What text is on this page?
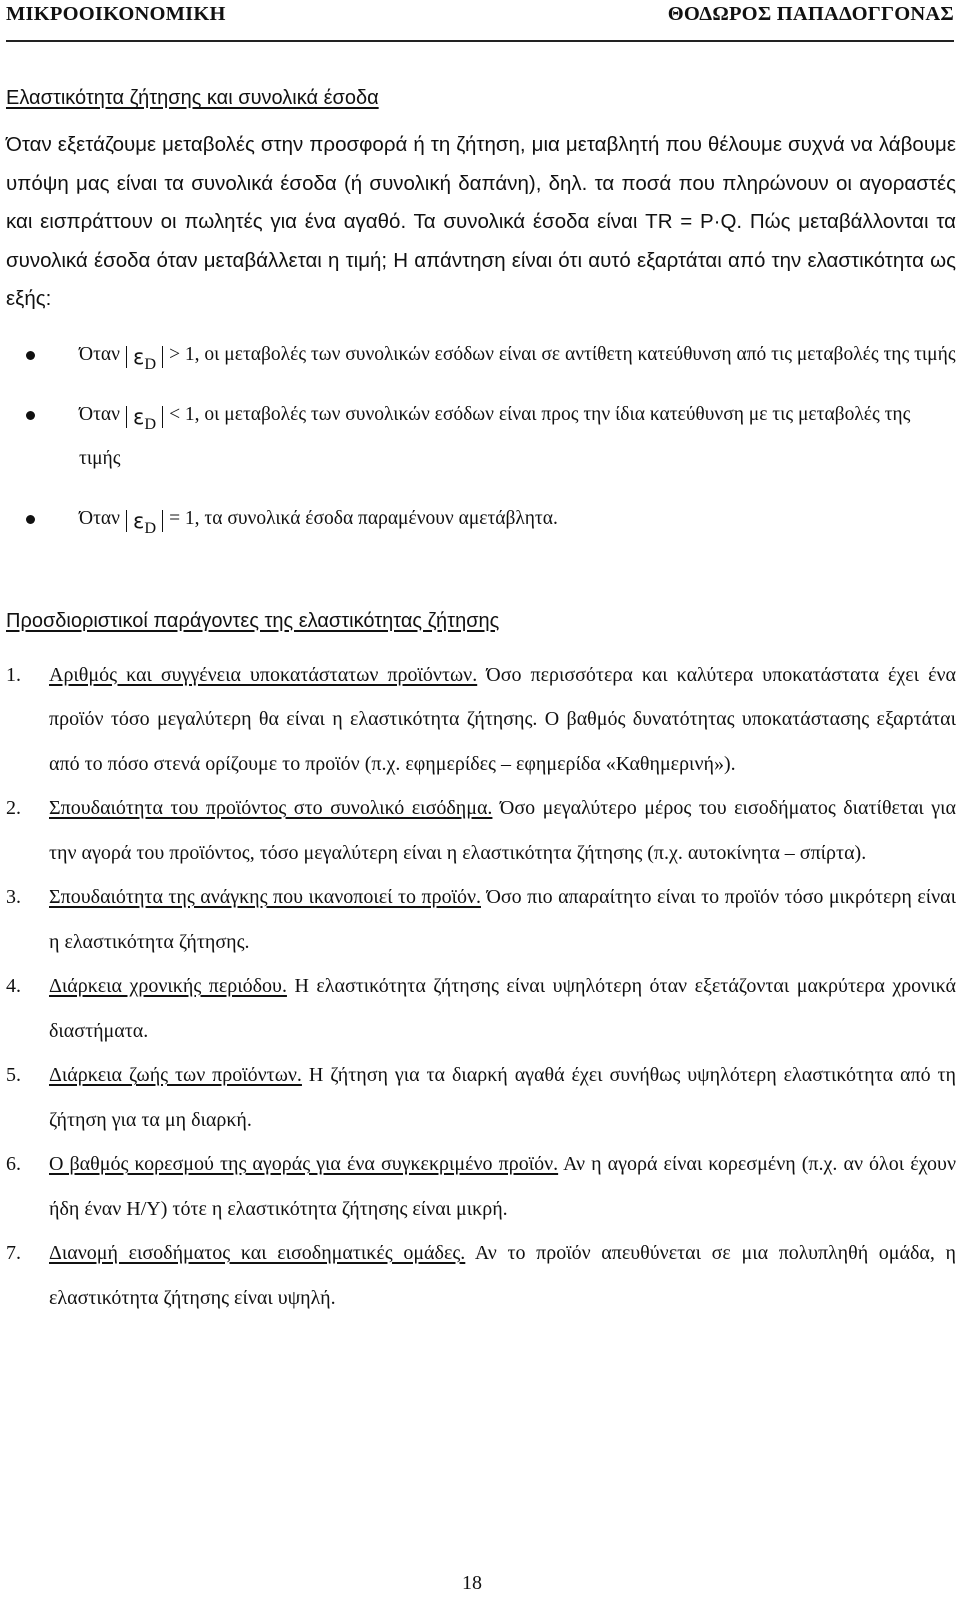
ΜΙΚΡΟΟΙΚΟΝΟΜΙΚΗ	ΘΟΔΩΡΟΣ ΠΑΠΑΔΟΓΓΟΝΑΣ

Ελαστικότητα ζήτησης και συνολικά έσοδα

Όταν εξετάζουμε μεταβολές στην προσφορά ή τη ζήτηση, μια μεταβλητή που θέλουμε συχνά να λάβουμε υπόψη μας είναι τα συνολικά έσοδα (ή συνολική δαπάνη), δηλ. τα ποσά που πληρώνουν οι αγοραστές και εισπράττουν οι πωλητές για ένα αγαθό. Τα συνολικά έσοδα είναι TR = P·Q. Πώς μεταβάλλονται τα συνολικά έσοδα όταν μεταβάλλεται η τιμή; Η απάντηση είναι ότι αυτό εξαρτάται από την ελαστικότητα ως εξής:

Όταν $\varepsilon_D > 1$, οι μεταβολές των συνολικών εσόδων είναι σε αντίθετη κατεύθυνση από τις μεταβολές της τιμής
Όταν $\varepsilon_D < 1$, οι μεταβολές των συνολικών εσόδων είναι προς την ίδια κατεύθυνση με τις μεταβολές της τιμής
Όταν $\varepsilon_D = 1$, τα συνολικά έσοδα παραμένουν αμετάβλητα.

Προσδιοριστικοί παράγοντες της ελαστικότητας ζήτησης

1. Αριθμός και συγγένεια υποκατάστατων προϊόντων. Όσο περισσότερα και καλύτερα υποκατάστατα έχει ένα προϊόν τόσο μεγαλύτερη θα είναι η ελαστικότητα ζήτησης. Ο βαθμός δυνατότητας υποκατάστασης εξαρτάται από το πόσο στενά ορίζουμε το προϊόν (π.χ. εφημερίδες – εφημερίδα «Καθημερινή»).
2. Σπουδαιότητα του προϊόντος στο συνολικό εισόδημα. Όσο μεγαλύτερο μέρος του εισοδήματος διατίθεται για την αγορά του προϊόντος, τόσο μεγαλύτερη είναι η ελαστικότητα ζήτησης (π.χ. αυτοκίνητα – σπίρτα).
3. Σπουδαιότητα της ανάγκης που ικανοποιεί το προϊόν. Όσο πιο απαραίτητο είναι το προϊόν τόσο μικρότερη είναι η ελαστικότητα ζήτησης.
4. Διάρκεια χρονικής περιόδου. Η ελαστικότητα ζήτησης είναι υψηλότερη όταν εξετάζονται μακρύτερα χρονικά διαστήματα.
5. Διάρκεια ζωής των προϊόντων. Η ζήτηση για τα διαρκή αγαθά έχει συνήθως υψηλότερη ελαστικότητα από τη ζήτηση για τα μη διαρκή.
6. Ο βαθμός κορεσμού της αγοράς για ένα συγκεκριμένο προϊόν. Αν η αγορά είναι κορεσμένη (π.χ. αν όλοι έχουν ήδη έναν Η/Υ) τότε η ελαστικότητα ζήτησης είναι μικρή.
7. Διανομή εισοδήματος και εισοδηματικές ομάδες. Αν το προϊόν απευθύνεται σε μια πολυπληθή ομάδα, η ελαστικότητα ζήτησης είναι υψηλή.
18
